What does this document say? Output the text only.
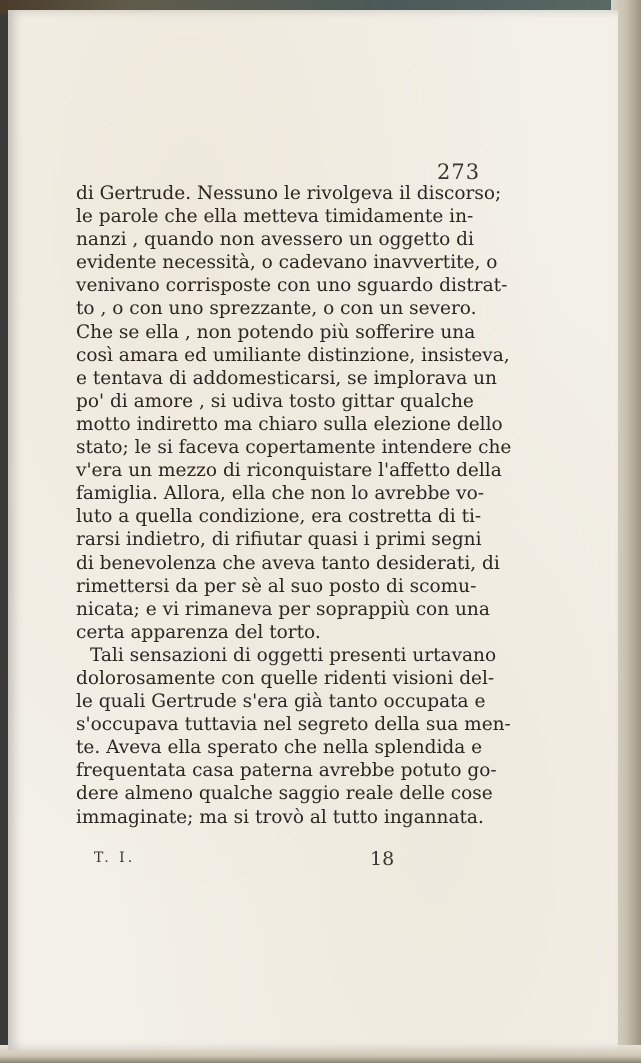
273
di Gertrude. Nessuno le rivolgeva il discorso;
le parole che ella metteva timidamente in-
nanzi , quando non avessero un oggetto di
evidente necessità, o cadevano inavvertite, o
venivano corrisposte con uno sguardo distrat-
to , o con uno sprezzante, o con un severo.
Che se ella , non potendo più sofferire una
così amara ed umiliante distinzione, insisteva,
e tentava di addomesticarsi, se implorava un
po' di amore , si udiva tosto gittar qualche
motto indiretto ma chiaro sulla elezione dello
stato; le si faceva copertamente intendere che
v'era un mezzo di riconquistare l'affetto della
famiglia. Allora, ella che non lo avrebbe vo-
luto a quella condizione, era costretta di ti-
rarsi indietro, di rifiutar quasi i primi segni
di benevolenza che aveva tanto desiderati, di
rimettersi da per sè al suo posto di scomu-
nicata; e vi rimaneva per soprappiù con una
certa apparenza del torto.
Tali sensazioni di oggetti presenti urtavano
dolorosamente con quelle ridenti visioni del-
le quali Gertrude s'era già tanto occupata e
s'occupava tuttavia nel segreto della sua men-
te. Aveva ella sperato che nella splendida e
frequentata casa paterna avrebbe potuto go-
dere almeno qualche saggio reale delle cose
immaginate; ma si trovò al tutto ingannata.
T. I.	18
